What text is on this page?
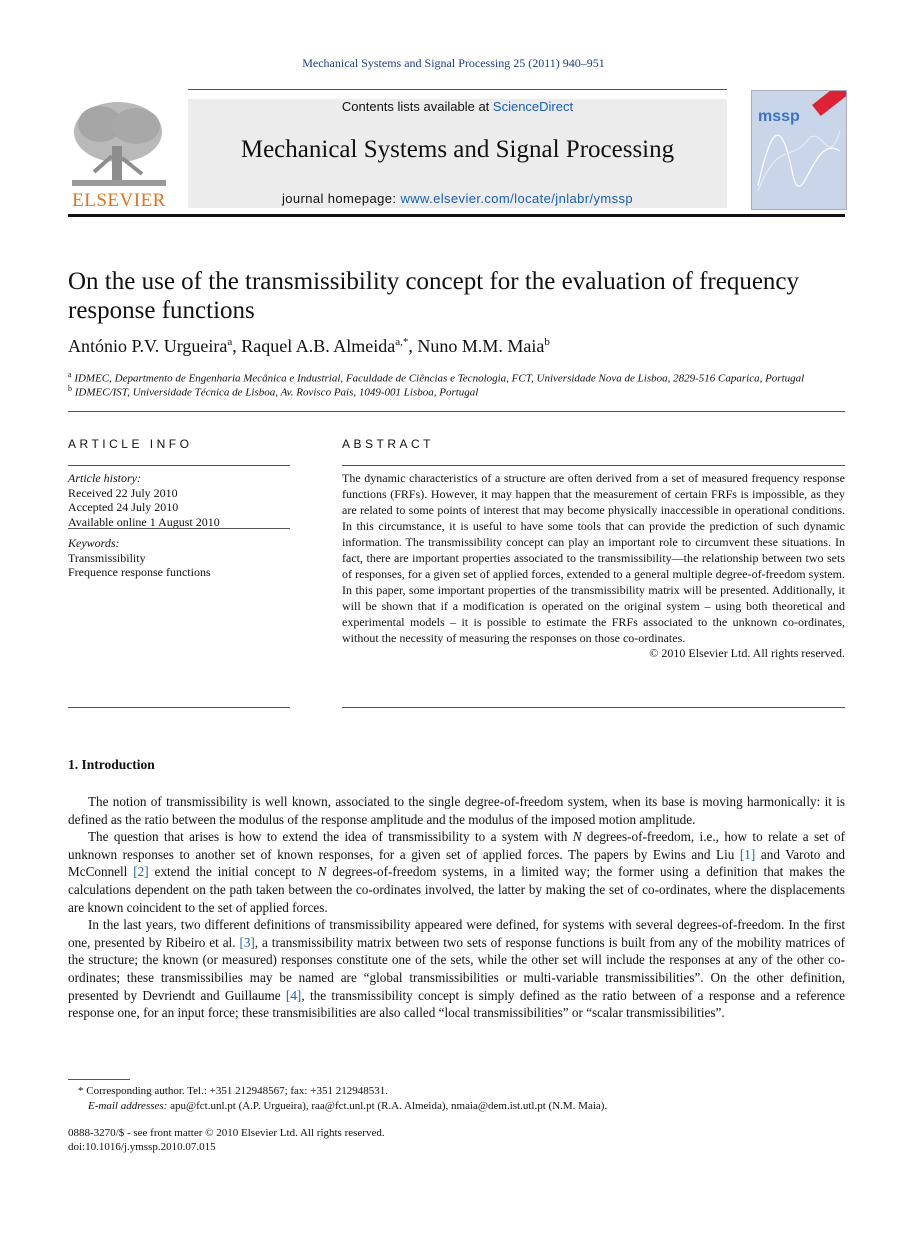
Mechanical Systems and Signal Processing 25 (2011) 940–951
Contents lists available at ScienceDirect
Mechanical Systems and Signal Processing
journal homepage: www.elsevier.com/locate/jnlabr/ymssp
ELSEVIER
mssp
On the use of the transmissibility concept for the evaluation of frequency response functions
António P.V. Urgueira$^a$, Raquel A.B. Almeida$^{a,*}$, Nuno M.M. Maia$^b$
$^a$ IDMEC, Departmento de Engenharia Mecânica e Industrial, Faculdade de Ciências e Tecnologia, FCT, Universidade Nova de Lisboa, 2829-516 Caparica, Portugal
$^b$ IDMEC/IST, Universidade Técnica de Lisboa, Av. Rovisco Pais, 1049-001 Lisboa, Portugal
ARTICLE INFO	ABSTRACT
Article history:
Received 22 July 2010
Accepted 24 July 2010
Available online 1 August 2010
Keywords:
Transmissibility
Frequence response functions
The dynamic characteristics of a structure are often derived from a set of measured frequency response functions (FRFs). However, it may happen that the measurement of certain FRFs is impossible, as they are related to some points of interest that may become physically inaccessible in operational conditions. In this circumstance, it is useful to have some tools that can provide the prediction of such dynamic information. The transmissibility concept can play an important role to circumvent these situations. In fact, there are important properties associated to the transmissibility—the relationship between two sets of responses, for a given set of applied forces, extended to a general multiple degree-of-freedom system. In this paper, some important properties of the transmissibility matrix will be presented. Additionally, it will be shown that if a modification is operated on the original system – using both theoretical and experimental models – it is possible to estimate the FRFs associated to the unknown co-ordinates, without the necessity of measuring the responses on those co-ordinates.
© 2010 Elsevier Ltd. All rights reserved.
1. Introduction

The notion of transmissibility is well known, associated to the single degree-of-freedom system, when its base is moving harmonically: it is defined as the ratio between the modulus of the response amplitude and the modulus of the imposed motion amplitude.

The question that arises is how to extend the idea of transmissibility to a system with N degrees-of-freedom, i.e., how to relate a set of unknown responses to another set of known responses, for a given set of applied forces. The papers by Ewins and Liu [1] and Varoto and McConnell [2] extend the initial concept to N degrees-of-freedom systems, in a limited way; the former using a definition that makes the calculations dependent on the path taken between the co-ordinates involved, the latter by making the set of co-ordinates, where the displacements are known coincident to the set of applied forces.

In the last years, two different definitions of transmissibility appeared were defined, for systems with several degrees-of-freedom. In the first one, presented by Ribeiro et al. [3], a transmissibility matrix between two sets of response functions is built from any of the mobility matrices of the structure; the known (or measured) responses constitute one of the sets, while the other set will include the responses at any of the other co-ordinates; these transmissibilies may be named are “global transmissibilities or multi-variable transmissibilities”. On the other definition, presented by Devriendt and Guillaume [4], the transmissibility concept is simply defined as the ratio between of a response and a reference response one, for an input force; these transmisibilities are also called “local transmissibilities” or “scalar transmissibilities”.

* Corresponding author. Tel.: +351 212948567; fax: +351 212948531.
E-mail addresses: apu@fct.unl.pt (A.P. Urgueira), raa@fct.unl.pt (R.A. Almeida), nmaia@dem.ist.utl.pt (N.M. Maia).
0888-3270/$ - see front matter © 2010 Elsevier Ltd. All rights reserved.
doi:10.1016/j.ymssp.2010.07.015
